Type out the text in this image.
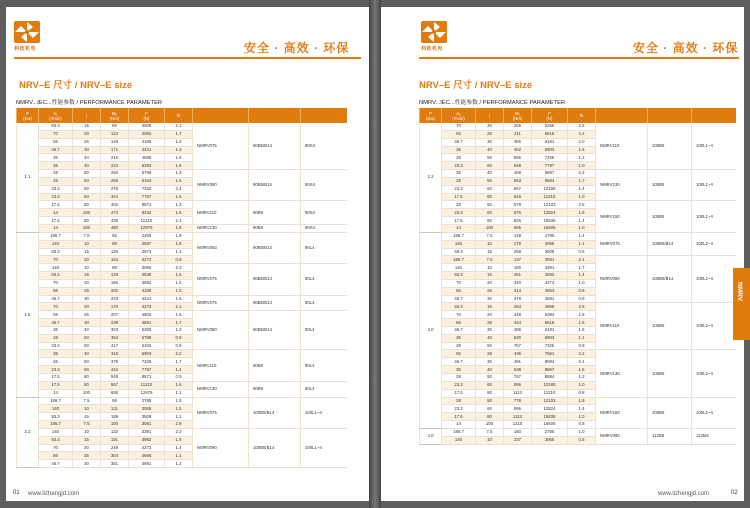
利政机电	安全 · 高效 · 环保
NRV–E 尺寸 / NRV–E size
NMRV...IEC...性能参数 / PERFORMANCE PARAMETER
P
(Kw)	n₂
(r/min)	i	M₂
(Nm)	F
(N)	fs			
1.1	93.3	15	86	3509	2.1	NMRV075	90B5/B14	90S4
	70	20	122	3082	1.7			
	56	25	148	4180	1.3			
	46.7	30	171	4421	1.3			
	35	40	216	4665	1.6			
	35	40	222	5393	1.6			
	28	50	260	5799	1.3	NMRV090	90B5/B14	90S4
	28	50	266	6163	1.6			
	23.3	60	278	7326	2.4			
	23.3	60	324	7797	1.6			
	17.5	80	402	8571	1.3	NMRV110	90B5	90S4
	14	100	473	8232	1.6			
	17.5	80	436	11210	2.1			
	14	100	480	12976	1.5	NMRV130	90B5	90S4
1.5	186.7	7.5	66	2259	1.9	NMRV063	90B5/B14	90L4
	140	10	88	2587	1.5			
	93.3	15	126	2973	1.1			
	70	20	164	3272	0.8			
	140	10	88	3065	2.2	NMRV075	90B5/B14	90L4
	93.3	15	129	3636	1.6			
	70	20	166	3682	1.0			
	56	25	202	4180	1.0			
	46.7	30	233	4421	1.6	NMRV075	90B5/B14	90L4
	70	20	170	4273	2.1			
	56	25	207	4602	1.6	NMRV090	90B5/B14	90L4
	46.7	30	239	4891	1.7			
	35	40	303	5393	1.2			
	28	50	354	5799	0.9			
	23.3	60	417	6163	0.9			
	35	40	315	6903	2.2	NMRV110	90B5	90L4
	28	50	379	7326	1.7			
	23.3	60	442	7797	1.4			
	17.5	80	548	8571	0.9			
	17.5	80	557	11210	1.6	NMRV130	90B5	90L4
	14	100	655	12976	1.1			
2.2	186.7	7.5	98	2785	1.9	NMRV075	100B5/B14	100L1~4
	140	10	131	3065	1.5			
	93.3	15	189	3509	1.1			
	186.7	7.5	100	3081	2.8			
	140	10	132	3391	2.3	NMRV090	100B5/B14	100L1~4
	93.3	15	191	3992	1.9			
	70	20	249	4273	1.4			
	56	25	304	4665	1.1			
	46.7	30	351	4891	1.2			
01 www.lizhengjd.com
利政机电	安全 · 高效 · 环保
NRV–E 尺寸 / NRV–E size
NMRV...IEC...性能参数 / PERFORMANCE PARAMETER
P
(Kw)	n₂
(r/min)	i	M₂
(Nm)	F
(N)	fs			
2.2	70	20	255	5266	2.5	NMRV110	100B5	100L1~4
	56	25	311	5616	2.2			
	46.7	30	356	6181	2.0			
	35	40	462	6903	1.5			
	28	50	555	7326	1.2			
	23.3	60	648	7797	1.0			
	35	40	468	8897	2.2	NMRV130	100B5	100L1~4
	28	50	563	9584	1.7			
	23.3	60	657	10185	1.4			
	17.5	80	816	11210	1.0			
	28	50	579	12103	2.5	NMRV150	100B5	100L1~4
	23.3	60	676	12824	1.9			
	17.5	80	826	15835	1.4			
	14	100	985	16606	1.0			
3.0	186.7	7.5	129	2780	1.4	NMRV075	100B5/B14	100L2~4
	140	10	178	3065	1.1			
	93.3	15	258	3509	0.8			
	186.7	7.5	137	3081	2.1	NMRV090	100B5/B14	100L2~4
	140	10	180	3391	1.7			
	93.3	15	261	3992	1.4			
	70	20	340	4273	1.0			
	56	25	414	4663	0.8			
	46.7	30	479	4891	0.9			
	93.3	15	264	4965	2.5	NMRV110	100B5	100L2~4
	70	20	348	5393	1.8			
	56	25	424	5616	1.6			
	46.7	30	486	6181	1.5			
	35	40	630	6903	1.1			
	28	50	757	7326	0.9			
	56	25	436	7661	2.2	NMRV130	100B5	100L2~4
	46.7	30	491	8084	2.1			
	35	40	638	8897	1.6			
	28	50	767	9584	1.3			
	23.3	60	896	10185	1.0			
	17.5	80	1113	11210	0.8			
	28	50	778	12103	1.8	NMRV150	100B5	100L2~4
	23.3	60	896	12824	1.4			
	17.5	80	1113	15835	1.0			
	14	100	1310	16606	0.8			
4.0	186.7	7.5	180	2785	1.0	NMRV090	112B5	112M4
	140	10	237	3065	0.8			
www.lizhengjd.com	02
NMRV
